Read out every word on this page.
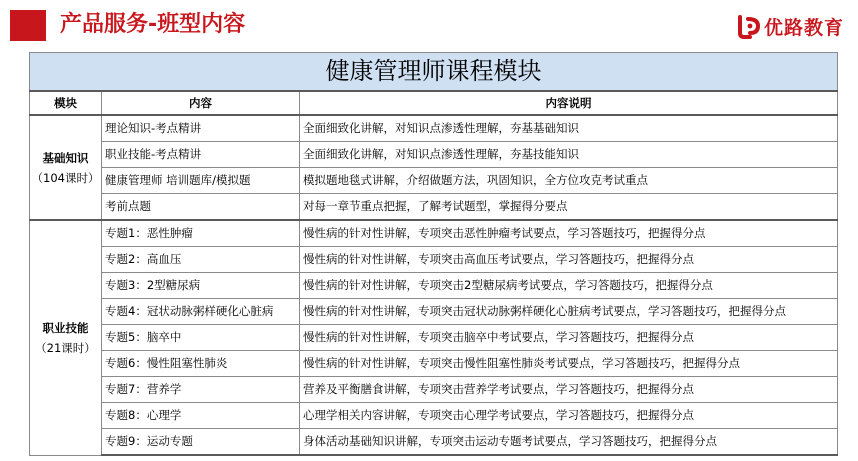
产品服务-班型内容	优路教育
健康管理师课程模块		
模块	内容	内容说明

基础知识
（104课时）	理论知识-考点精讲	全面细致化讲解，对知识点渗透性理解，夯基基础知识
	职业技能-考点精讲	全面细致化讲解，对知识点渗透性理解，夯基技能知识
	健康管理师 培训题库/模拟题	模拟题地毯式讲解，介绍做题方法，巩固知识，全方位攻克考试重点
	考前点题	对每一章节重点把握，了解考试题型，掌握得分要点

职业技能
（21课时）	专题1：恶性肿瘤	慢性病的针对性讲解，专项突击恶性肿瘤考试要点，学习答题技巧，把握得分点
	专题2：高血压	慢性病的针对性讲解，专项突击高血压考试要点，学习答题技巧，把握得分点
	专题3：2型糖尿病	慢性病的针对性讲解，专项突击2型糖尿病考试要点，学习答题技巧，把握得分点
	专题4：冠状动脉粥样硬化心脏病	慢性病的针对性讲解，专项突击冠状动脉粥样硬化心脏病考试要点，学习答题技巧，把握得分点
	专题5：脑卒中	慢性病的针对性讲解，专项突击脑卒中考试要点，学习答题技巧，把握得分点
	专题6：慢性阻塞性肺炎	慢性病的针对性讲解，专项突击慢性阻塞性肺炎考试要点，学习答题技巧，把握得分点
	专题7：营养学	营养及平衡膳食讲解，专项突击营养学考试要点，学习答题技巧，把握得分点
	专题8：心理学	心理学相关内容讲解，专项突击心理学考试要点，学习答题技巧，把握得分点
	专题9：运动专题	身体活动基础知识讲解，专项突击运动专题考试要点，学习答题技巧，把握得分点
